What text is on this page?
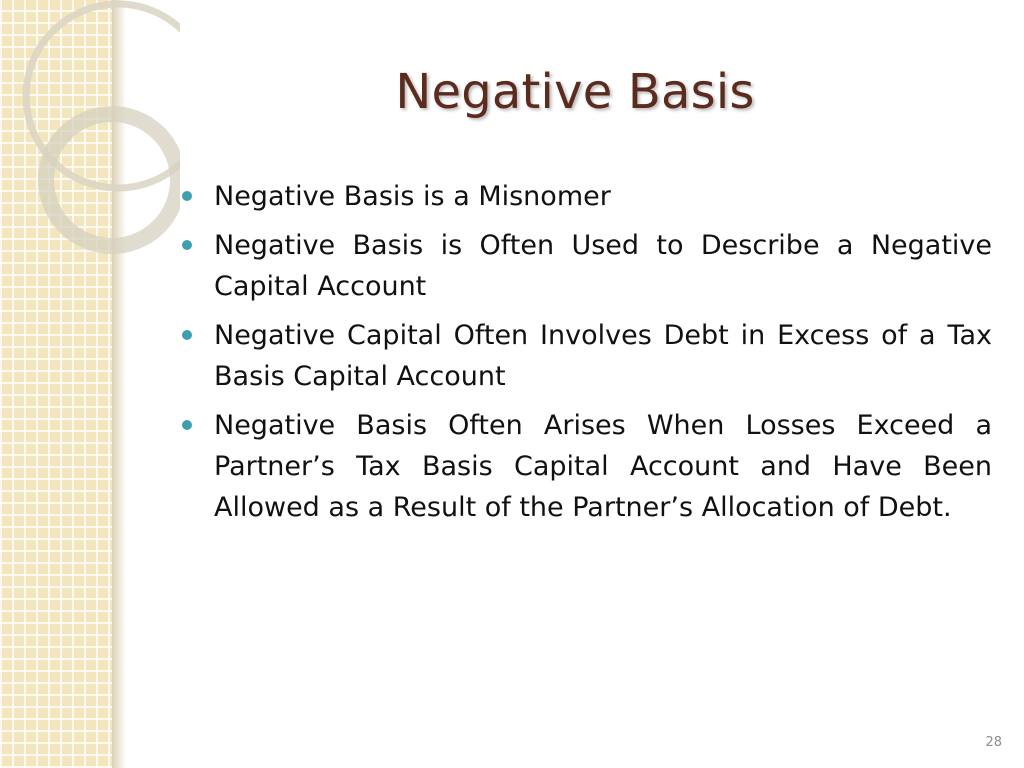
Negative Basis
Negative Basis is a Misnomer
Negative Basis is Often Used to Describe a Negative Capital Account
Negative Capital Often Involves Debt in Excess of a Tax Basis Capital Account
Negative Basis Often Arises When Losses Exceed a Partner’s Tax Basis Capital Account and Have Been Allowed as a Result of the Partner’s Allocation of Debt.
28
